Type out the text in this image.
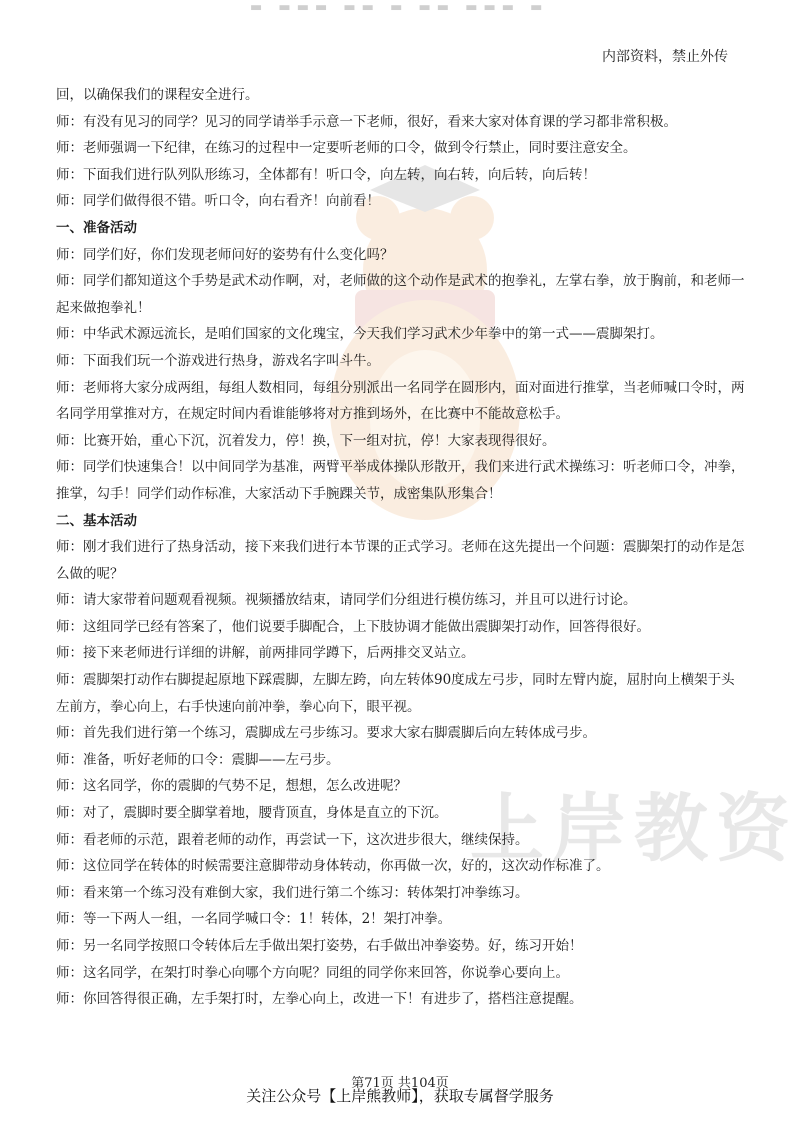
▬ ▬▬▬ ▬▬ ▬ ▬▬ ▬▬▬ ▬
内部资料，禁止外传
上岸教资

回，以确保我们的课程安全进行。

师：有没有见习的同学？见习的同学请举手示意一下老师，很好，看来大家对体育课的学习都非常积极。

师：老师强调一下纪律，在练习的过程中一定要听老师的口令，做到令行禁止，同时要注意安全。

师：下面我们进行队列队形练习，全体都有！听口令，向左转，向右转，向后转，向后转！

师：同学们做得很不错。听口令，向右看齐！向前看！

一、准备活动

师：同学们好，你们发现老师问好的姿势有什么变化吗？

师：同学们都知道这个手势是武术动作啊，对，老师做的这个动作是武术的抱拳礼，左掌右拳，放于胸前，和老师一起来做抱拳礼！

师：中华武术源远流长，是咱们国家的文化瑰宝，今天我们学习武术少年拳中的第一式——震脚架打。

师：下面我们玩一个游戏进行热身，游戏名字叫斗牛。

师：老师将大家分成两组，每组人数相同，每组分别派出一名同学在圆形内，面对面进行推掌，当老师喊口令时，两名同学用掌推对方，在规定时间内看谁能够将对方推到场外，在比赛中不能故意松手。

师：比赛开始，重心下沉，沉着发力，停！换，下一组对抗，停！大家表现得很好。

师：同学们快速集合！以中间同学为基准，两臂平举成体操队形散开，我们来进行武术操练习：听老师口令，冲拳，推掌，勾手！同学们动作标准，大家活动下手腕踝关节，成密集队形集合！

二、基本活动

师：刚才我们进行了热身活动，接下来我们进行本节课的正式学习。老师在这先提出一个问题：震脚架打的动作是怎么做的呢？

师：请大家带着问题观看视频。视频播放结束，请同学们分组进行模仿练习，并且可以进行讨论。

师：这组同学已经有答案了，他们说要手脚配合，上下肢协调才能做出震脚架打动作，回答得很好。

师：接下来老师进行详细的讲解，前两排同学蹲下，后两排交叉站立。

师：震脚架打动作右脚提起原地下踩震脚，左脚左跨，向左转体90度成左弓步，同时左臂内旋，屈肘向上横架于头左前方，拳心向上，右手快速向前冲拳，拳心向下，眼平视。

师：首先我们进行第一个练习，震脚成左弓步练习。要求大家右脚震脚后向左转体成弓步。

师：准备，听好老师的口令：震脚——左弓步。

师：这名同学，你的震脚的气势不足，想想，怎么改进呢？

师：对了，震脚时要全脚掌着地，腰背顶直，身体是直立的下沉。

师：看老师的示范，跟着老师的动作，再尝试一下，这次进步很大，继续保持。

师：这位同学在转体的时候需要注意脚带动身体转动，你再做一次，好的，这次动作标准了。

师：看来第一个练习没有难倒大家，我们进行第二个练习：转体架打冲拳练习。

师：等一下两人一组，一名同学喊口令：1！转体，2！架打冲拳。

师：另一名同学按照口令转体后左手做出架打姿势，右手做出冲拳姿势。好，练习开始！

师：这名同学，在架打时拳心向哪个方向呢？同组的同学你来回答，你说拳心要向上。

师：你回答得很正确，左手架打时，左拳心向上，改进一下！有进步了，搭档注意提醒。

第71页 共104页
关注公众号【上岸熊教师】，获取专属督学服务
